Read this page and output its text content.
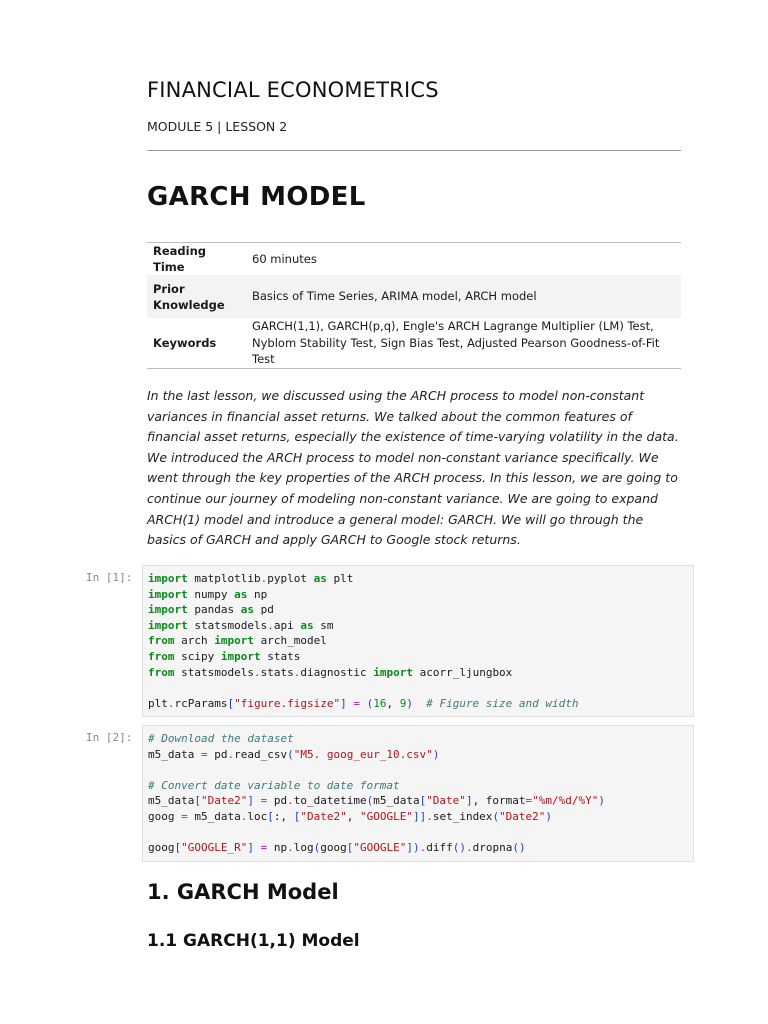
FINANCIAL ECONOMETRICS
MODULE 5 | LESSON 2
GARCH MODEL
Reading Time	60 minutes
Prior Knowledge	Basics of Time Series, ARIMA model, ARCH model
Keywords	GARCH(1,1), GARCH(p,q), Engle's ARCH Lagrange Multiplier (LM) Test, Nyblom Stability Test, Sign Bias Test, Adjusted Pearson Goodness-of-Fit Test

In the last lesson, we discussed using the ARCH process to model non-constant variances in financial asset returns. We talked about the common features of financial asset returns, especially the existence of time-varying volatility in the data. We introduced the ARCH process to model non-constant variance specifically. We went through the key properties of the ARCH process. In this lesson, we are going to continue our journey of modeling non-constant variance. We are going to expand ARCH(1) model and introduce a general model: GARCH. We will go through the basics of GARCH and apply GARCH to Google stock returns.

In [1]: import matplotlib.pyplot as plt
import numpy as np
import pandas as pd
import statsmodels.api as sm
from arch import arch_model
from scipy import stats
from statsmodels.stats.diagnostic import acorr_ljungbox
plt.rcParams["figure.figsize"] = (16, 9) # Figure size and width
In [2]: # Download the dataset
m5_data = pd.read_csv("M5. goog_eur_10.csv")
# Convert date variable to date format
m5_data["Date2"] = pd.to_datetime(m5_data["Date"], format="%m/%d/%Y")
goog = m5_data.loc[:, ["Date2", "GOOGLE"]].set_index("Date2")
goog["GOOGLE_R"] = np.log(goog["GOOGLE"]).diff().dropna()
1. GARCH Model
1.1 GARCH(1,1) Model
